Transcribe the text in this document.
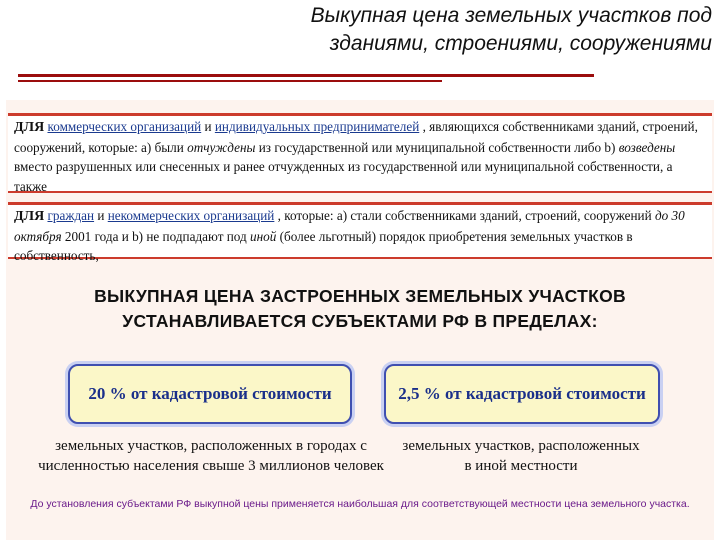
Выкупная цена земельных участков под
зданиями, строениями, сооружениями
ДЛЯ коммерческих организаций и индивидуальных предпринимателей , являющихся собственниками зданий, строений, сооружений, которые: а) были отчуждены из государственной или муниципальной собственности либо b) возведены вместо разрушенных или снесенных и ранее отчужденных из государственной или муниципальной собственности, а также
ДЛЯ граждан и некоммерческих организаций , которые: а) стали собственниками зданий, строений, сооружений до 30 октября 2001 года и b) не подпадают под иной (более льготный) порядок приобретения земельных участков в собственность,
ВЫКУПНАЯ ЦЕНА ЗАСТРОЕННЫХ ЗЕМЕЛЬНЫХ УЧАСТКОВ
УСТАНАВЛИВАЕТСЯ СУБЪЕКТАМИ РФ В ПРЕДЕЛАХ:
20 % от кадастровой стоимости	2,5 % от кадастровой стоимости
земельных участков, расположенных в городах с
численностью населения свыше 3 миллионов человек
земельных участков, расположенных
в иной местности
До установления субъектами РФ выкупной цены применяется наибольшая для соответствующей местности цена земельного участка.
